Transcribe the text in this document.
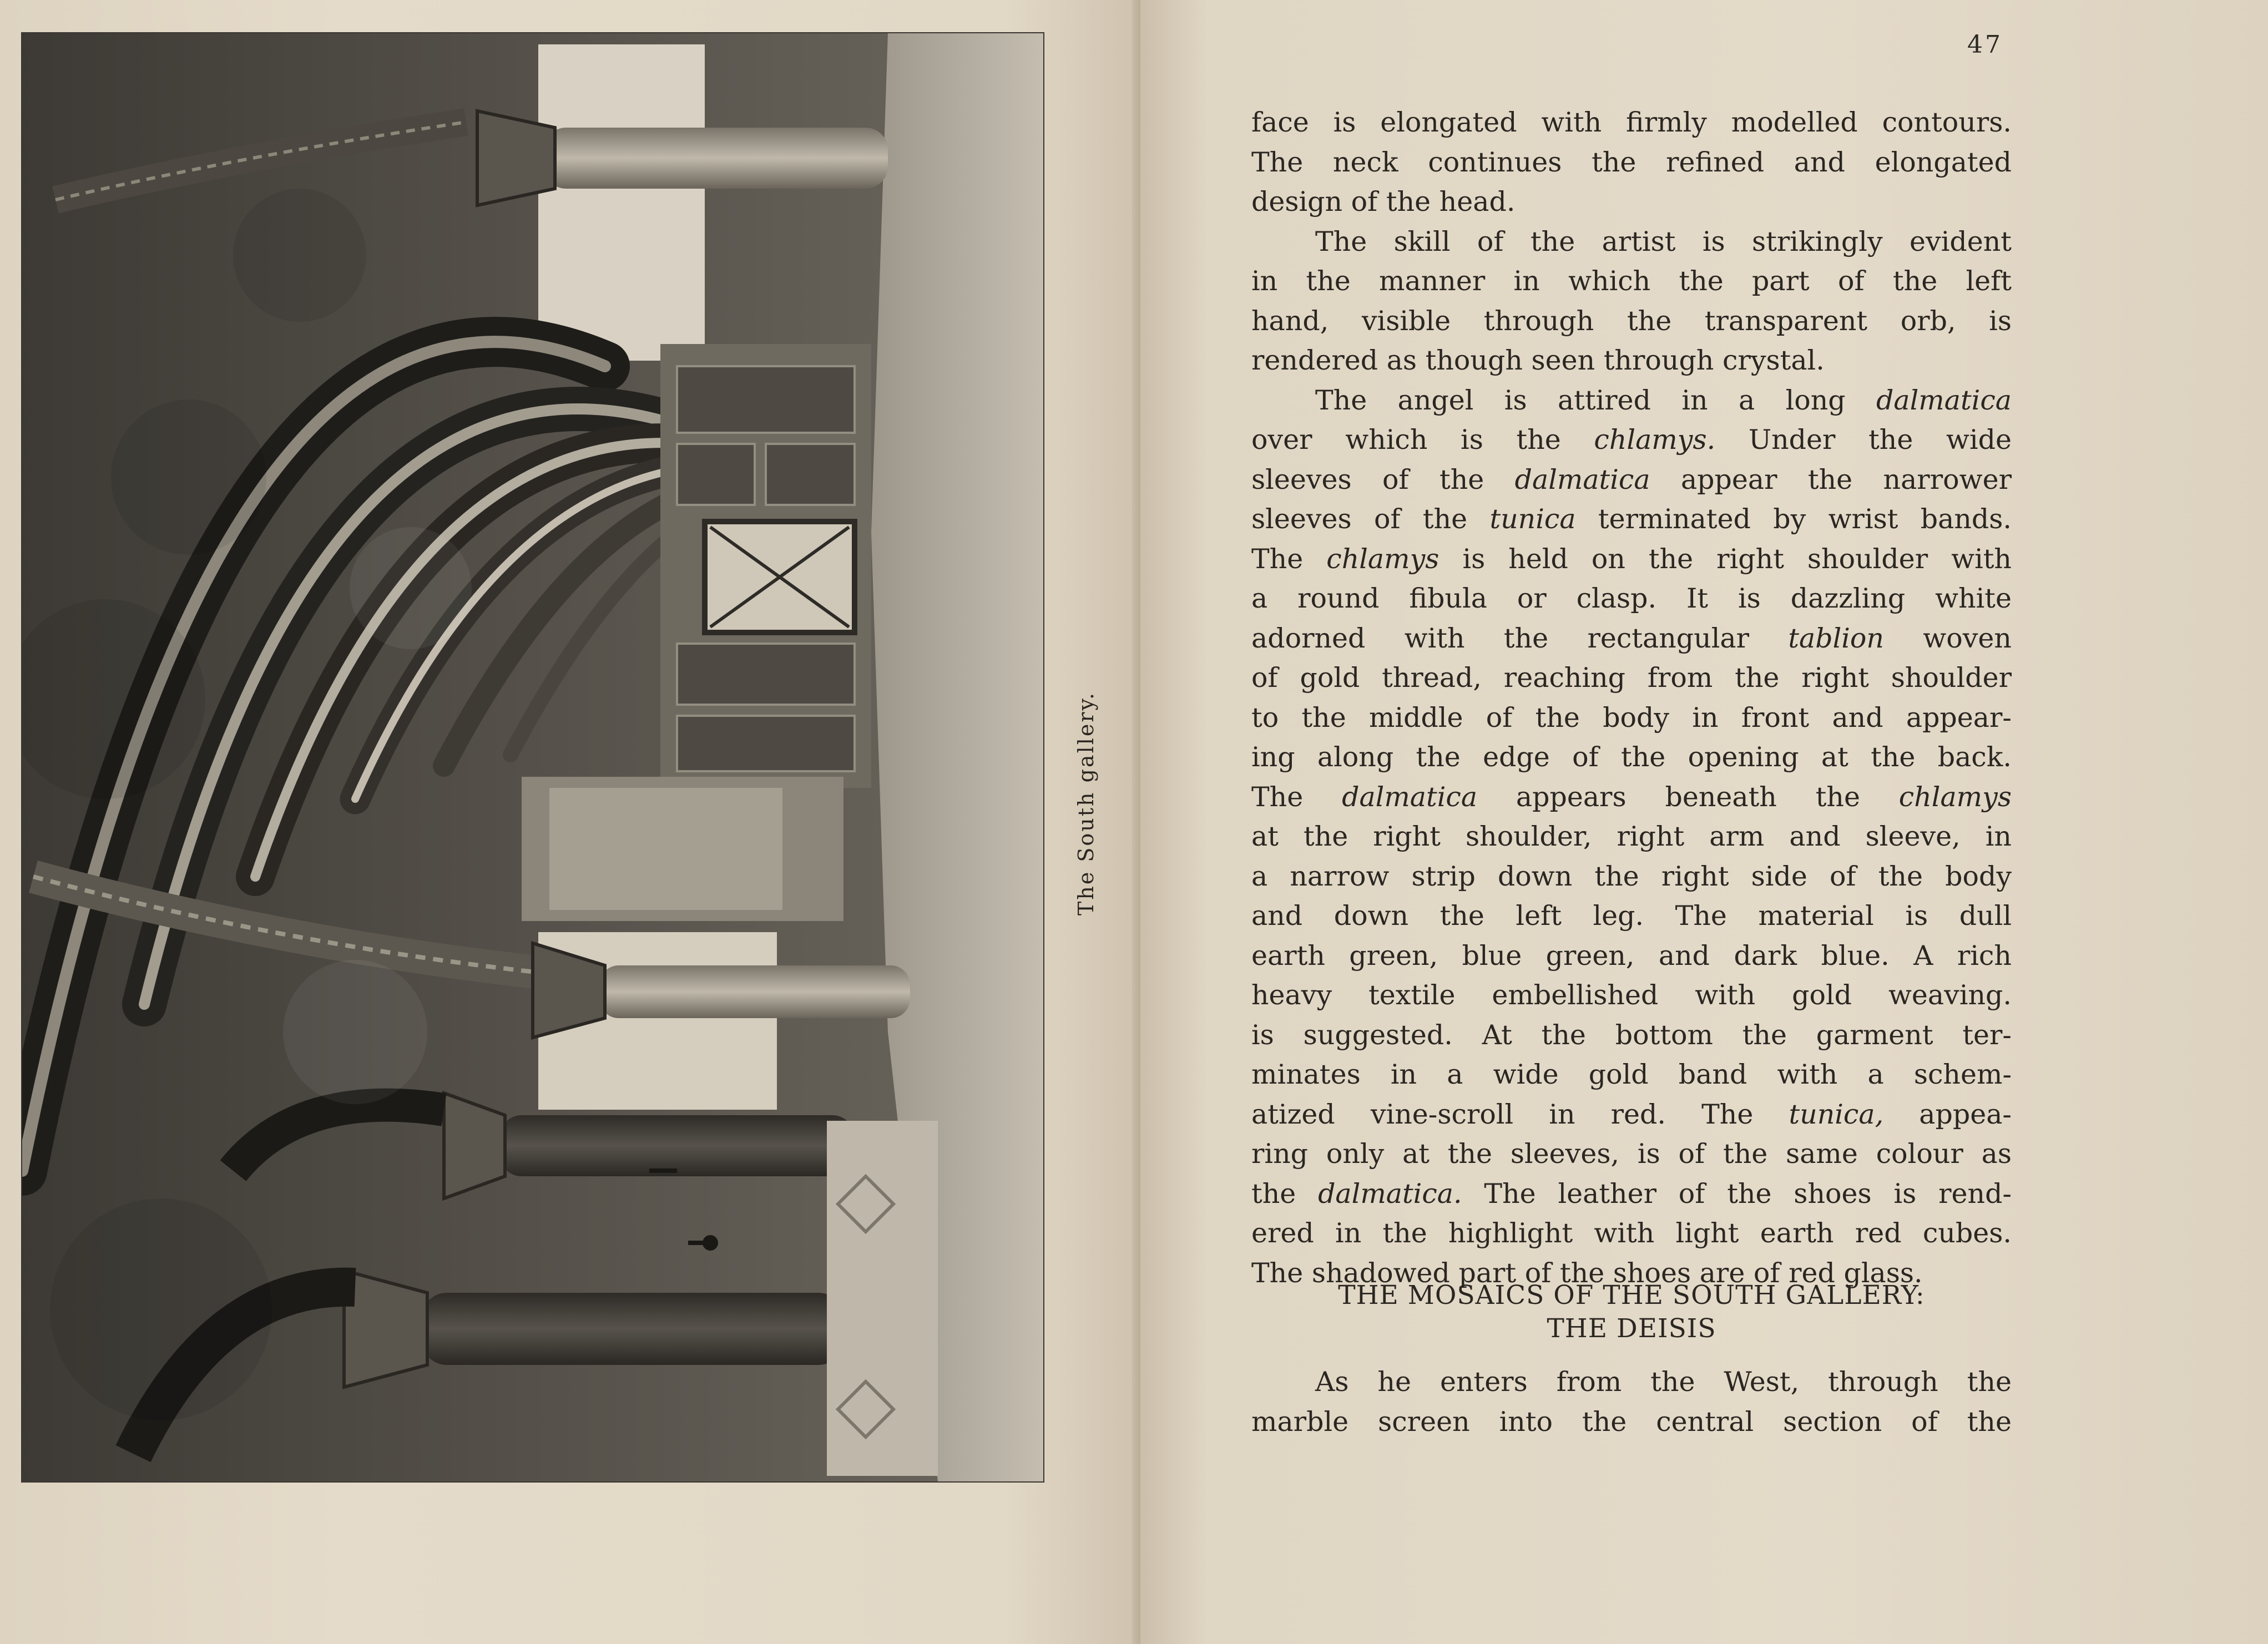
The South gallery.
47
face is elongated with firmly modelled contours.
The neck continues the refined and elongated
design of the head.
The skill of the artist is strikingly evident
in the manner in which the part of the left
hand, visible through the transparent orb, is
rendered as though seen through crystal.
The angel is attired in a long dalmatica
over which is the chlamys. Under the wide
sleeves of the dalmatica appear the narrower
sleeves of the tunica terminated by wrist bands.
The chlamys is held on the right shoulder with
a round fibula or clasp. It is dazzling white
adorned with the rectangular tablion woven
of gold thread, reaching from the right shoulder
to the middle of the body in front and appear-
ing along the edge of the opening at the back.
The dalmatica appears beneath the chlamys
at the right shoulder, right arm and sleeve, in
a narrow strip down the right side of the body
and down the left leg. The material is dull
earth green, blue green, and dark blue. A rich
heavy textile embellished with gold weaving.
is suggested. At the bottom the garment ter-
minates in a wide gold band with a schem-
atized vine-scroll in red. The tunica, appea-
ring only at the sleeves, is of the same colour as
the dalmatica. The leather of the shoes is rend-
ered in the highlight with light earth red cubes.
The shadowed part of the shoes are of red glass.
THE MOSAICS OF THE SOUTH GALLERY:
THE DEISIS
As he enters from the West, through the
marble screen into the central section of the
